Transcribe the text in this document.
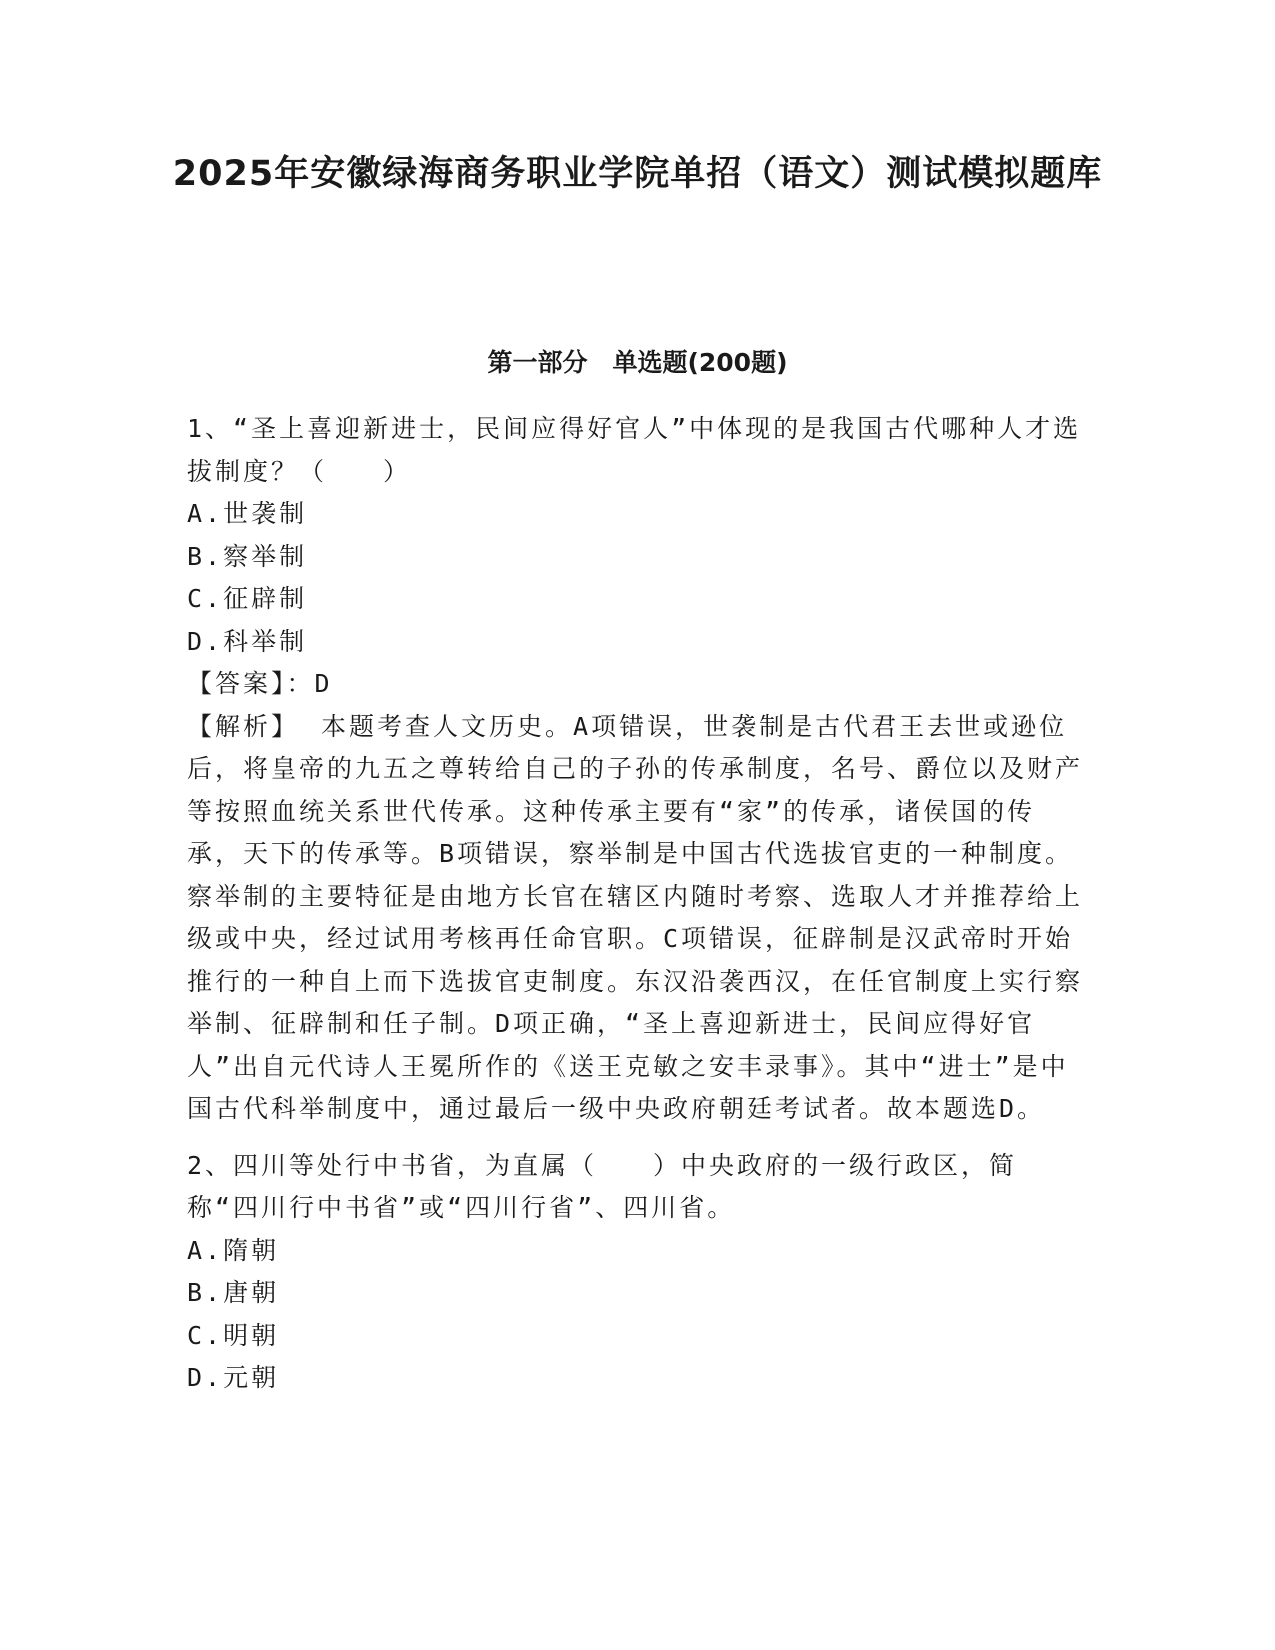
2025年安徽绿海商务职业学院单招（语文）测试模拟题库
第一部分　单选题(200题)

1、“圣上喜迎新进士，民间应得好官人”中体现的是我国古代哪种人才选拔制度？（　　）

A.世袭制

B.察举制

C.征辟制

D.科举制

【答案】：D

【解析】 本题考查人文历史。A项错误，世袭制是古代君王去世或逊位后，将皇帝的九五之尊转给自己的子孙的传承制度，名号、爵位以及财产等按照血统关系世代传承。这种传承主要有“家”的传承，诸侯国的传承，天下的传承等。B项错误，察举制是中国古代选拔官吏的一种制度。察举制的主要特征是由地方长官在辖区内随时考察、选取人才并推荐给上级或中央，经过试用考核再任命官职。C项错误，征辟制是汉武帝时开始推行的一种自上而下选拔官吏制度。东汉沿袭西汉，在任官制度上实行察举制、征辟制和任子制。D项正确，“圣上喜迎新进士，民间应得好官人”出自元代诗人王冕所作的《送王克敏之安丰录事》。其中“进士”是中国古代科举制度中，通过最后一级中央政府朝廷考试者。故本题选D。

2、四川等处行中书省，为直属（　　）中央政府的一级行政区，简称“四川行中书省”或“四川行省”、四川省。

A.隋朝

B.唐朝

C.明朝

D.元朝
